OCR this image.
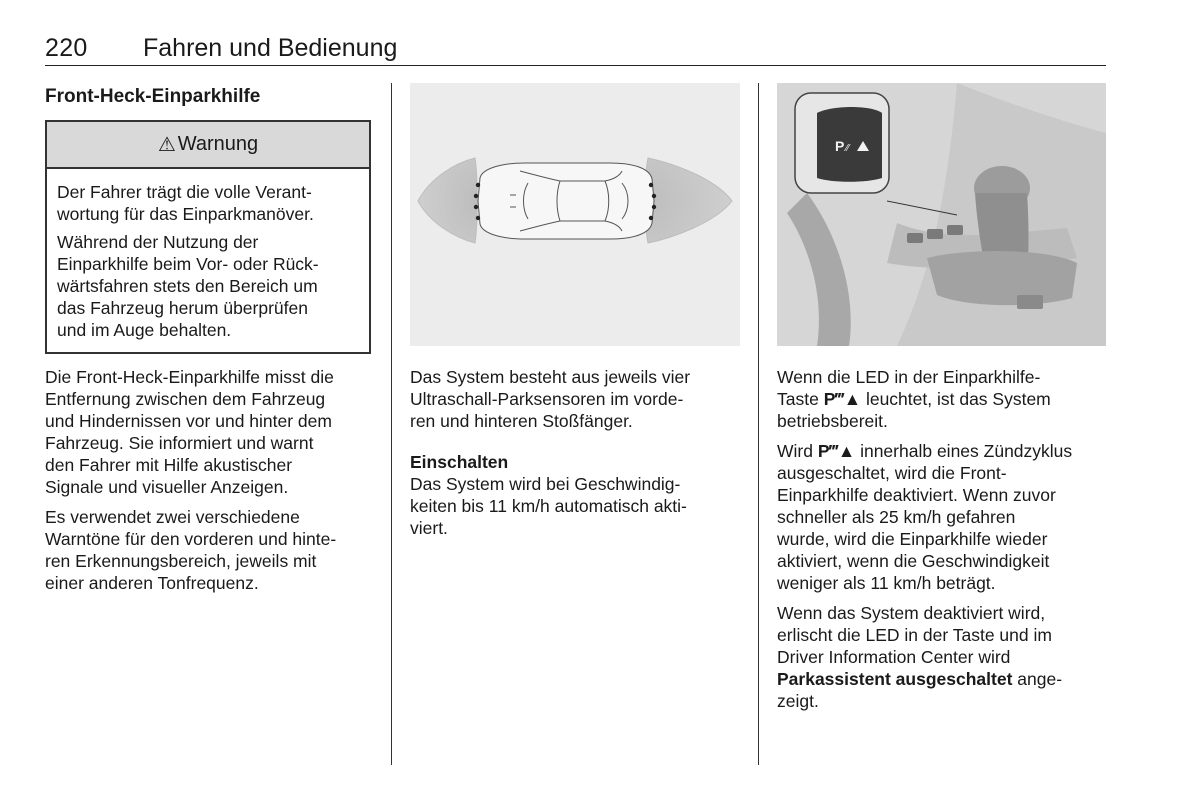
220 Fahren und Bedienung
Front-Heck-Einparkhilfe
⚠ Warnung

Der Fahrer trägt die volle Verant-
wortung für das Einparkmanöver.

Während der Nutzung der
Einparkhilfe beim Vor- oder Rück-
wärtsfahren stets den Bereich um
das Fahrzeug herum überprüfen
und im Auge behalten.

Die Front-Heck-Einparkhilfe misst die
Entfernung zwischen dem Fahrzeug
und Hindernissen vor und hinter dem
Fahrzeug. Sie informiert und warnt
den Fahrer mit Hilfe akustischer
Signale und visueller Anzeigen.

Es verwendet zwei verschiedene
Warntöne für den vorderen und hinte-
ren Erkennungsbereich, jeweils mit
einer anderen Tonfrequenz.

Das System besteht aus jeweils vier
Ultraschall-Parksensoren im vorde-
ren und hinteren Stoßfänger.

Einschalten

Das System wird bei Geschwindig-
keiten bis 11 km/h automatisch akti-
viert.

P ⁄⁄

Wenn die LED in der Einparkhilfe-
Taste P‴▲ leuchtet, ist das System
betriebsbereit.

Wird P‴▲ innerhalb eines Zündzyklus
ausgeschaltet, wird die Front-
Einparkhilfe deaktiviert. Wenn zuvor
schneller als 25 km/h gefahren
wurde, wird die Einparkhilfe wieder
aktiviert, wenn die Geschwindigkeit
weniger als 11 km/h beträgt.

Wenn das System deaktiviert wird,
erlischt die LED in der Taste und im
Driver Information Center wird
Parkassistent ausgeschaltet ange-
zeigt.
